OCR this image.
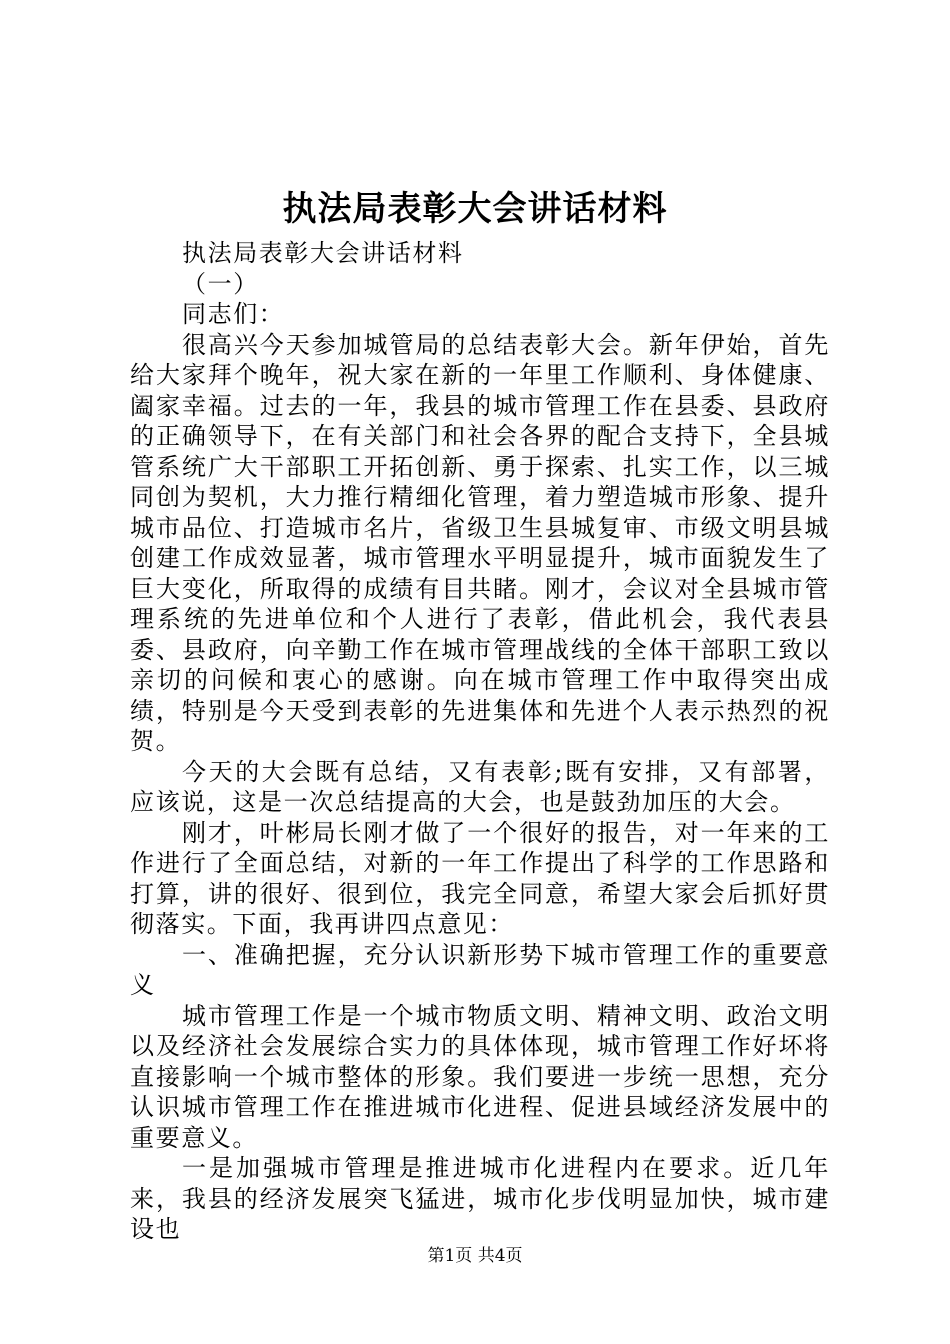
执法局表彰大会讲话材料

执法局表彰大会讲话材料

（一）

同志们：

很高兴今天参加城管局的总结表彰大会。新年伊始，首先给大家拜个晚年，祝大家在新的一年里工作顺利、身体健康、阖家幸福。过去的一年，我县的城市管理工作在县委、县政府的正确领导下，在有关部门和社会各界的配合支持下，全县城管系统广大干部职工开拓创新、勇于探索、扎实工作，以三城同创为契机，大力推行精细化管理，着力塑造城市形象、提升城市品位、打造城市名片，省级卫生县城复审、市级文明县城创建工作成效显著，城市管理水平明显提升，城市面貌发生了巨大变化，所取得的成绩有目共睹。刚才，会议对全县城市管理系统的先进单位和个人进行了表彰，借此机会，我代表县委、县政府，向辛勤工作在城市管理战线的全体干部职工致以亲切的问候和衷心的感谢。向在城市管理工作中取得突出成绩，特别是今天受到表彰的先进集体和先进个人表示热烈的祝贺。

今天的大会既有总结，又有表彰;既有安排，又有部署，应该说，这是一次总结提高的大会，也是鼓劲加压的大会。

刚才，叶彬局长刚才做了一个很好的报告，对一年来的工作进行了全面总结，对新的一年工作提出了科学的工作思路和打算，讲的很好、很到位，我完全同意，希望大家会后抓好贯彻落实。下面，我再讲四点意见：

一、准确把握，充分认识新形势下城市管理工作的重要意义

城市管理工作是一个城市物质文明、精神文明、政治文明以及经济社会发展综合实力的具体体现，城市管理工作好坏将直接影响一个城市整体的形象。我们要进一步统一思想，充分认识城市管理工作在推进城市化进程、促进县域经济发展中的重要意义。

一是加强城市管理是推进城市化进程内在要求。近几年来，我县的经济发展突飞猛进，城市化步伐明显加快，城市建设也

第1页 共4页
